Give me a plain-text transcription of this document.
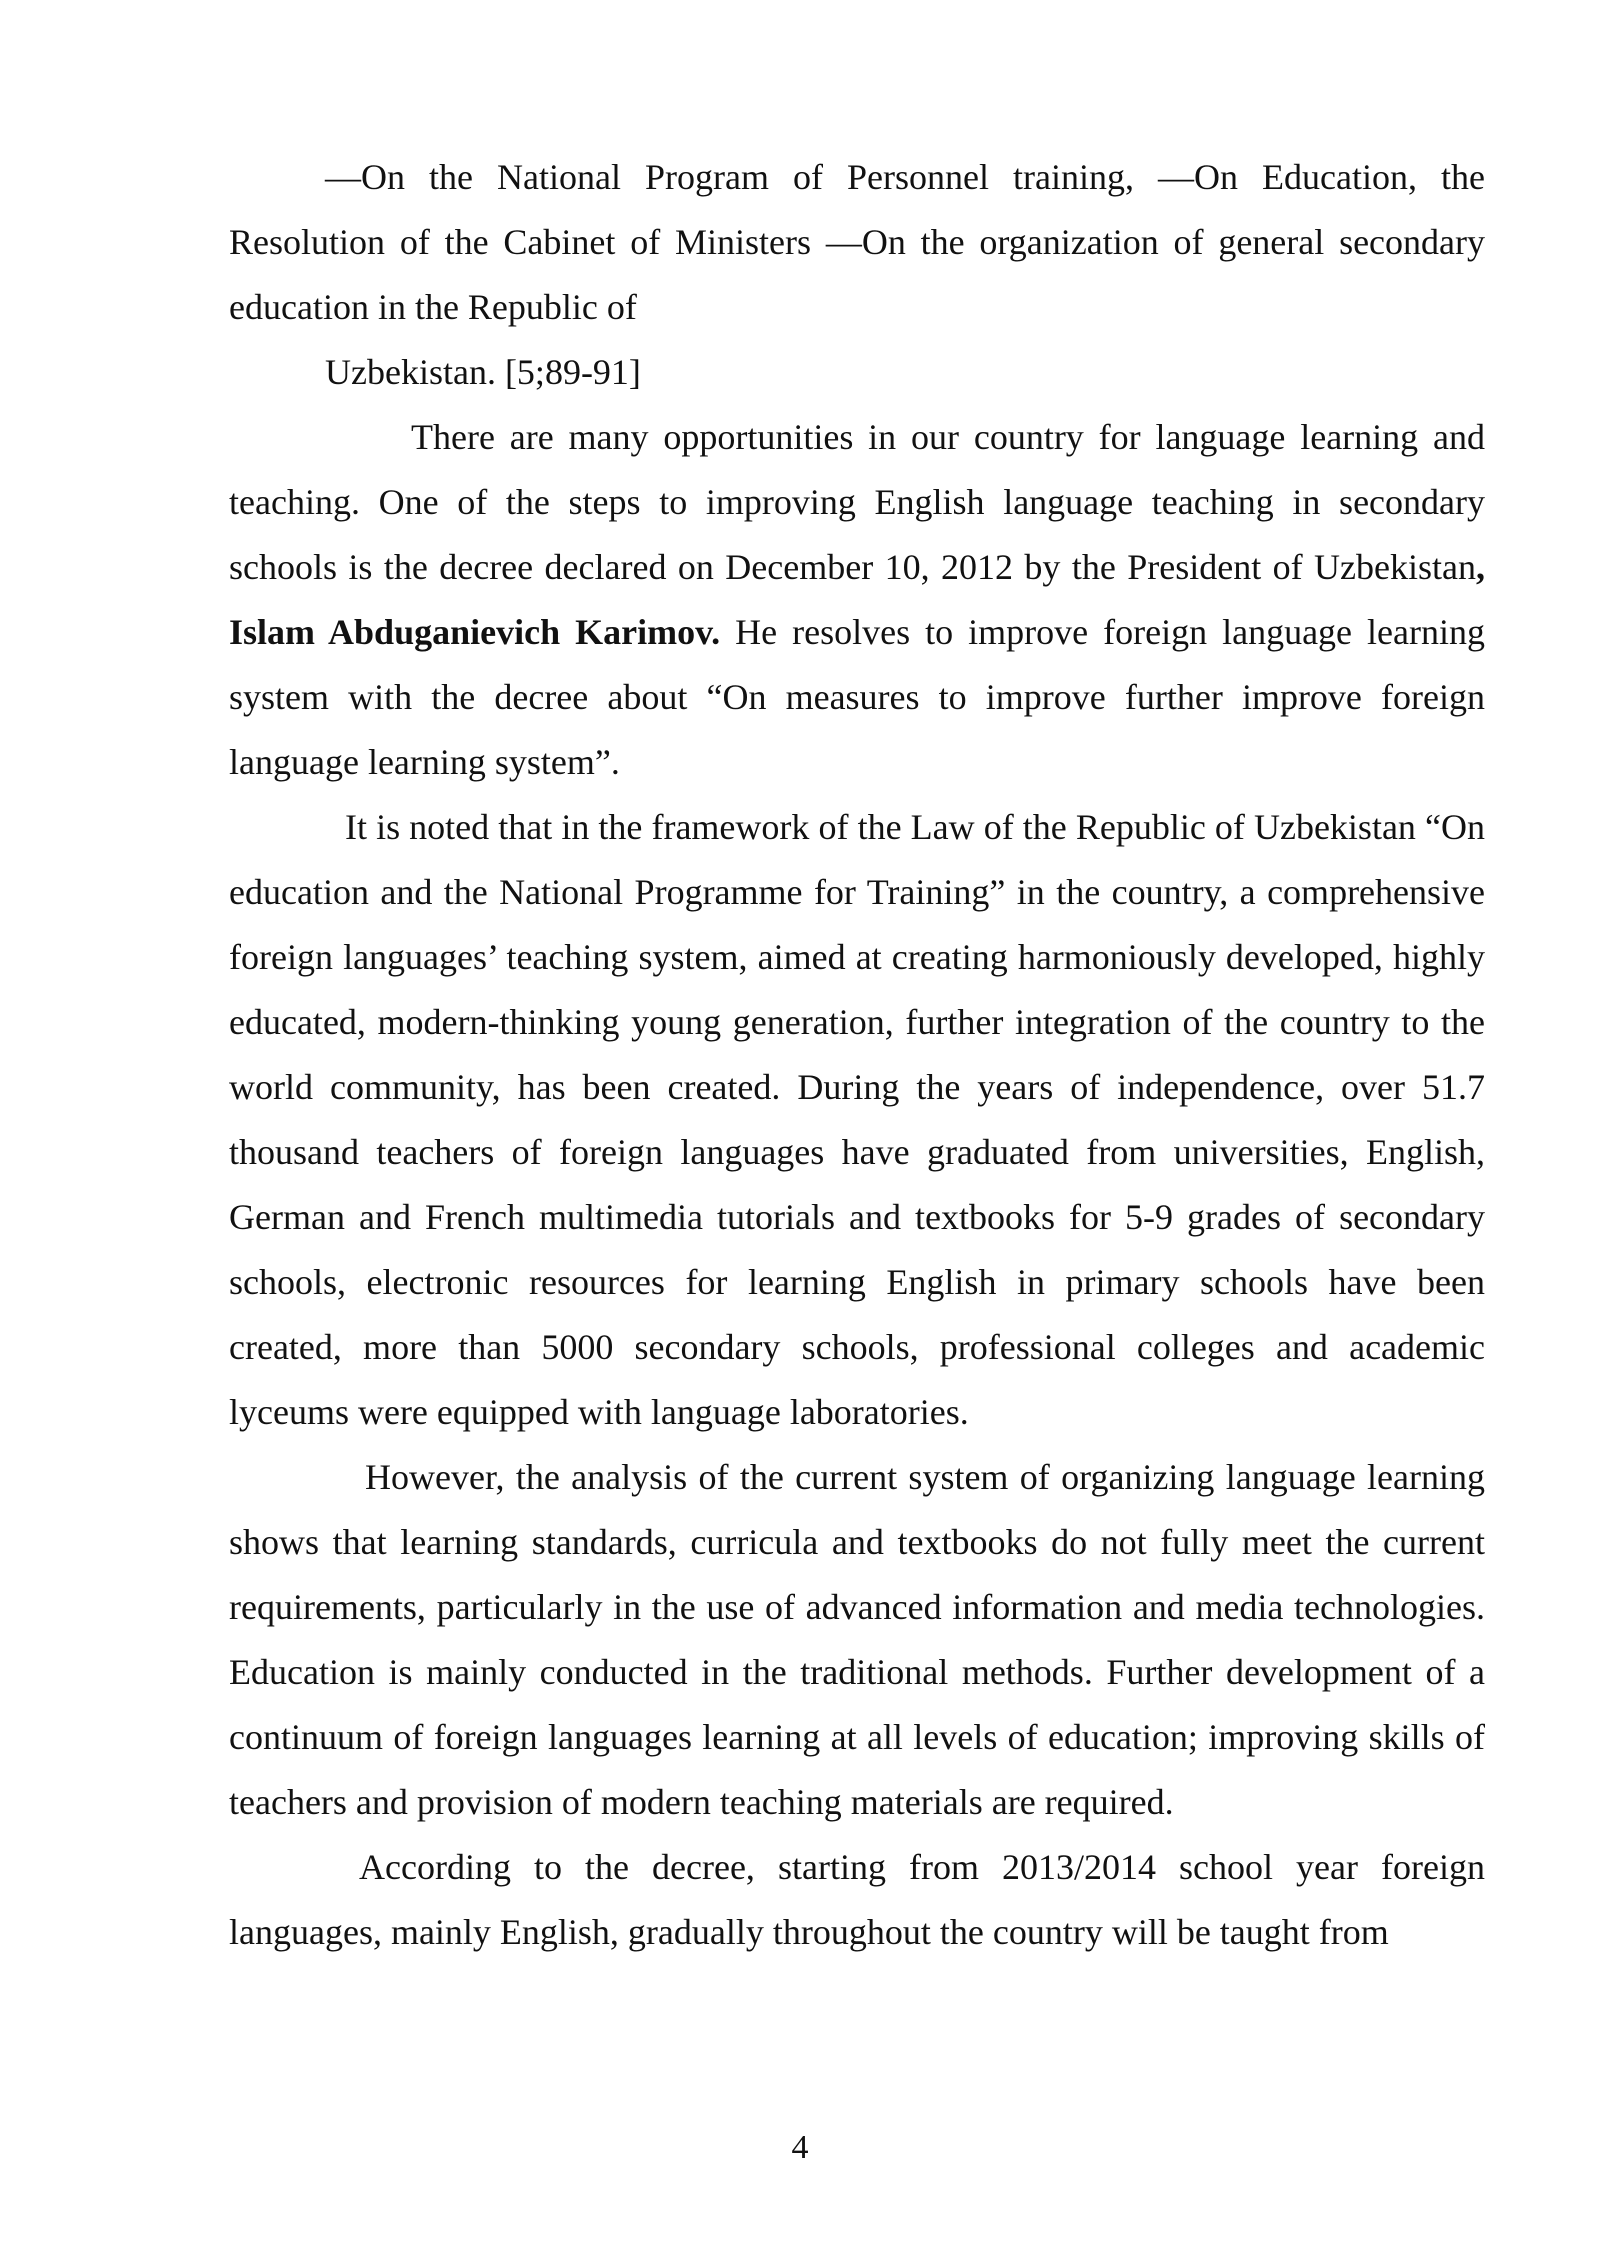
—On the National Program of Personnel training, —On Education, the Resolution of the Cabinet of Ministers —On the organization of general secondary education in the Republic of

Uzbekistan. [5;89-91]

There are many opportunities in our country for language learning and teaching. One of the steps to improving English language teaching in secondary schools is the decree declared on December 10, 2012 by the President of Uzbekistan, Islam Abduganievich Karimov. He resolves to improve foreign language learning system with the decree about “On measures to improve further improve foreign language learning system”.

It is noted that in the framework of the Law of the Republic of Uzbekistan “On education and the National Programme for Training” in the country, a comprehensive foreign languages’ teaching system, aimed at creating harmoniously developed, highly educated, modern-thinking young generation, further integration of the country to the world community, has been created. During the years of independence, over 51.7 thousand teachers of foreign languages have graduated from universities, English, German and French multimedia tutorials and textbooks for 5-9 grades of secondary schools, electronic resources for learning English in primary schools have been created, more than 5000 secondary schools, professional colleges and academic lyceums were equipped with language laboratories.

However, the analysis of the current system of organizing language learning shows that learning standards, curricula and textbooks do not fully meet the current requirements, particularly in the use of advanced information and media technologies. Education is mainly conducted in the traditional methods. Further development of a continuum of foreign languages learning at all levels of education; improving skills of teachers and provision of modern teaching materials are required.

According to the decree, starting from 2013/2014 school year foreign languages, mainly English, gradually throughout the country will be taught from

4
